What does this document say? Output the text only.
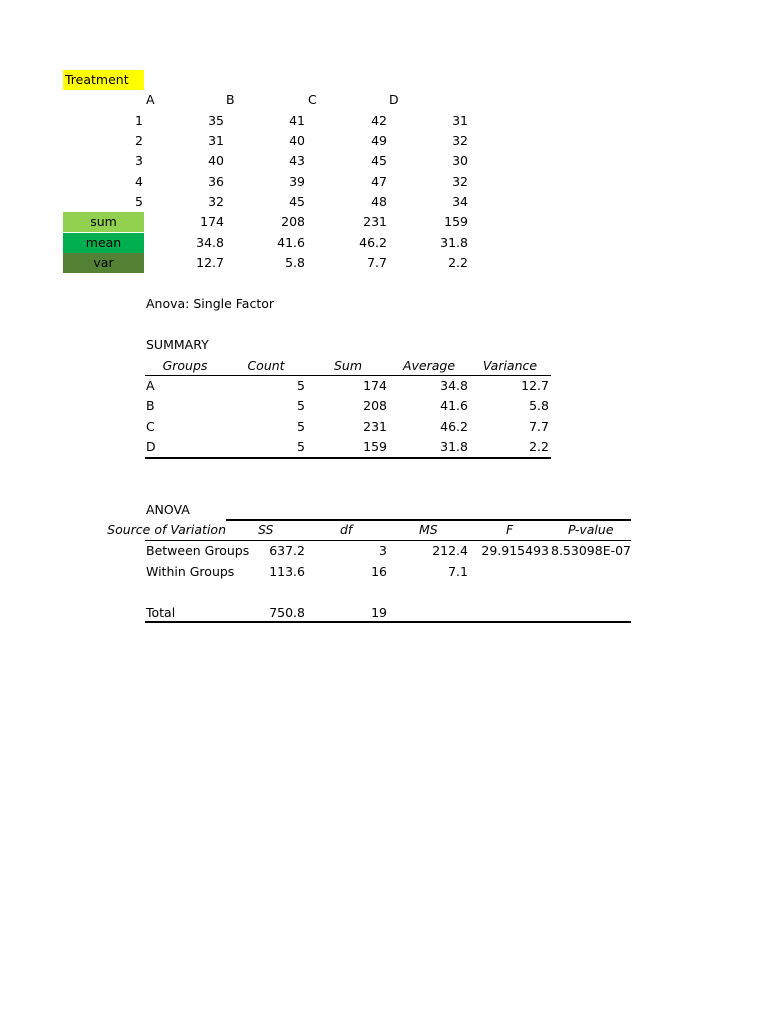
Treatment
A	B	C	D
1	35	41	42	31
2	31	40	49	32
3	40	43	45	30
4	36	39	47	32
5	32	45	48	34
sum	174	208	231	159
mean	34.8	41.6	46.2	31.8
var	12.7	5.8	7.7	2.2
Anova: Single Factor
SUMMARY
Groups	Count	Sum	Average	Variance
A	5	174	34.8	12.7
B	5	208	41.6	5.8
C	5	231	46.2	7.7
D	5	159	31.8	2.2
ANOVA
Source of Variation	SS	df	MS	F	P-value
Between Groups	637.2	3	212.4	29.915493 8.53098E-07
Within Groups	113.6	16	7.1
Total	750.8	19
